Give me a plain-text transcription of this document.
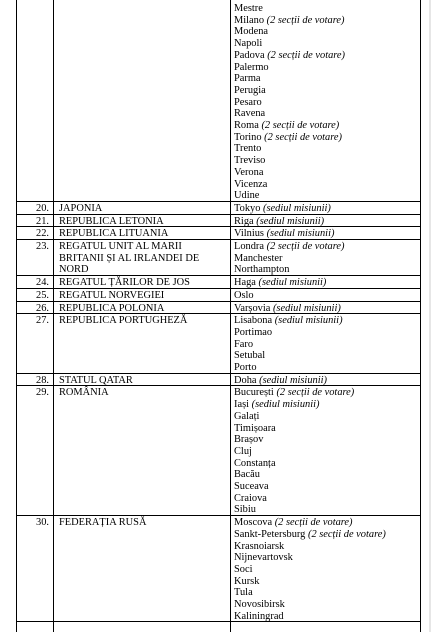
Mestre
Milano (2 secții de votare)
Modena
Napoli
Padova (2 secții de votare)
Palermo
Parma
Perugia
Pesaro
Ravena
Roma (2 secții de votare)
Torino (2 secții de votare)
Trento
Treviso
Verona
Vicenza
Udine
20. JAPONIA	Tokyo (sediul misiunii)
21. REPUBLICA LETONIA	Riga (sediul misiunii)
22. REPUBLICA LITUANIA	Vilnius (sediul misiunii)
23. REGATUL UNIT AL MARII BRITANII ȘI AL IRLANDEI DE NORD
Londra (2 secții de votare)
Manchester
Northampton
24. REGATUL ȚĂRILOR DE JOS	Haga (sediul misiunii)
25. REGATUL NORVEGIEI	Oslo
26. REPUBLICA POLONIA	Varșovia (sediul misiunii)
27. REPUBLICA PORTUGHEZĂ	Lisabona (sediul misiunii)
Portimao
Faro
Setubal
Porto
28. STATUL QATAR	Doha (sediul misiunii)
29. ROMÂNIA	București (2 secții de votare)
Iași (sediul misiunii)
Galați
Timișoara
Brașov
Cluj
Constanța
Bacău
Suceava
Craiova
Sibiu
30. FEDERAȚIA RUSĂ	Moscova (2 secții de votare)
Sankt-Petersburg (2 secții de votare)
Krasnoiarsk
Nijnevartovsk
Soci
Kursk
Tula
Novosibirsk
Kaliningrad
